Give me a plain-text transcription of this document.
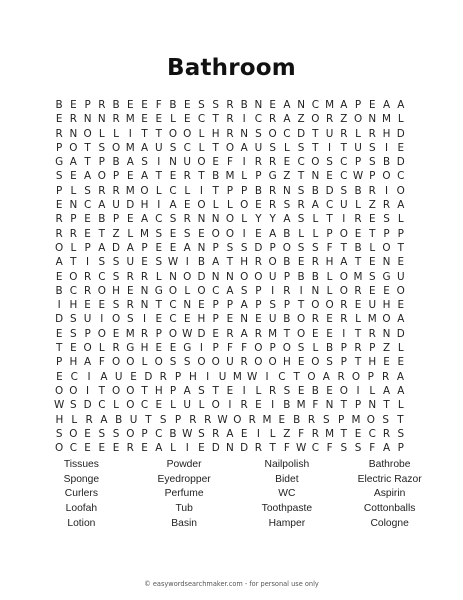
Bathroom
B E P R B E E F B E S S R B N E A N C M A P E A A
E R N N R M E E L E C T R I C R A Z O R Z O N M L
R N O L L I T T O O L H R N S O C D T U R L R H D
P O T S O M A U S C L T O A U S L S T I T U S I E
G A T P B A S I N U O E F I R R E C O S C P S B D
S E A O P E A T E R T B M L P G Z T N E C W P O C
P L S R R M O L C L I T P P B R N S B D S B R I O
E N C A U D H I A E O L L O E R S R A C U L Z R A
R P E B P E A C S R N N O L Y Y A S L T I R E S L
R R E T Z L M S E S E O O I E A B L L P O E T P P
O L P A D A P E E A N P S S D P O S S F T B L O T
A T I S S U E S W I B A T H R O B E R H A T E N E
E O R C S R R L N O D N N O O U P B B L O M S G U
B C R O H E N G O L O C A S P I R I N L O R E E O
I H E E S R N T C N E P P A P S P T O O R E U H E
D S U I O S I E C E H P E N E U B O R E R L M O A
E S P O E M R P O W D E R A R M T O E E I T R N D
T E O L R G H E E G I P F F O P O S L B P R P Z L
P H A F O O L O S S O O U R O O H E O S P T H E E
E C I A U E D R P H I U M W I C T O A R O P R A
O O I T O O T H P A S T E I L R S E B E O I L A A
W S D C L O C E L U L O I R E I B M F N T P N T L
H L R A B U T S P R R W O R M E B R S P M O S T
S O E S S O P C B W S R A E I L Z F R M T E C R S
O C E E E R E A L I E D N D R T F W C F S S F A P
Tissues	Powder	Nailpolish	Bathrobe
Sponge	Eyedropper	Bidet	Electric Razor
Curlers	Perfume	WC	Aspirin
Loofah	Tub	Toothpaste	Cottonballs
Lotion	Basin	Hamper	Cologne
© easywordsearchmaker.com - for personal use only
